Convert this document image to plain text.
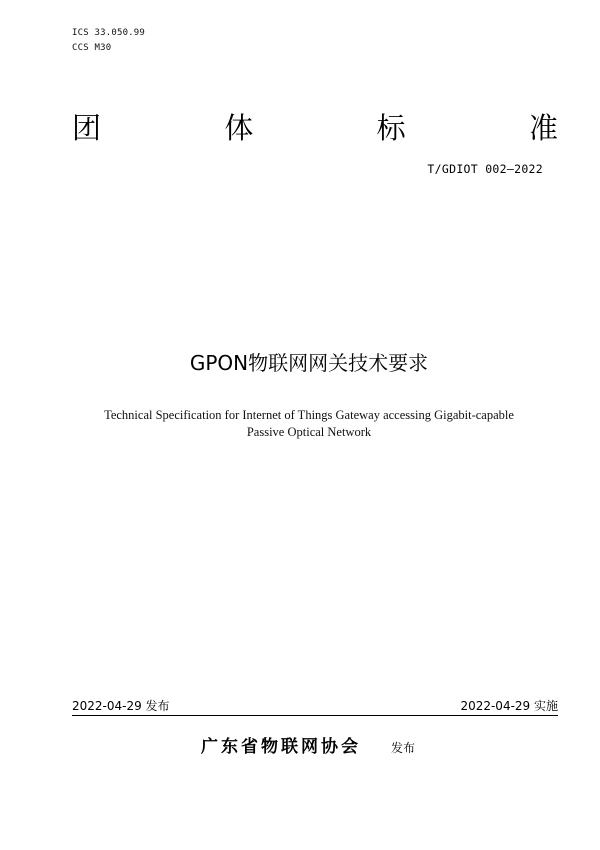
ICS 33.050.99
CCS M30
团	体	标	准
T/GDIOT 002—2022
GPON物联网网关技术要求
Technical Specification for Internet of Things Gateway accessing Gigabit-capable
Passive Optical Network
2022-04-29 发布	2022-04-29 实施
广东省物联网协会	发布
